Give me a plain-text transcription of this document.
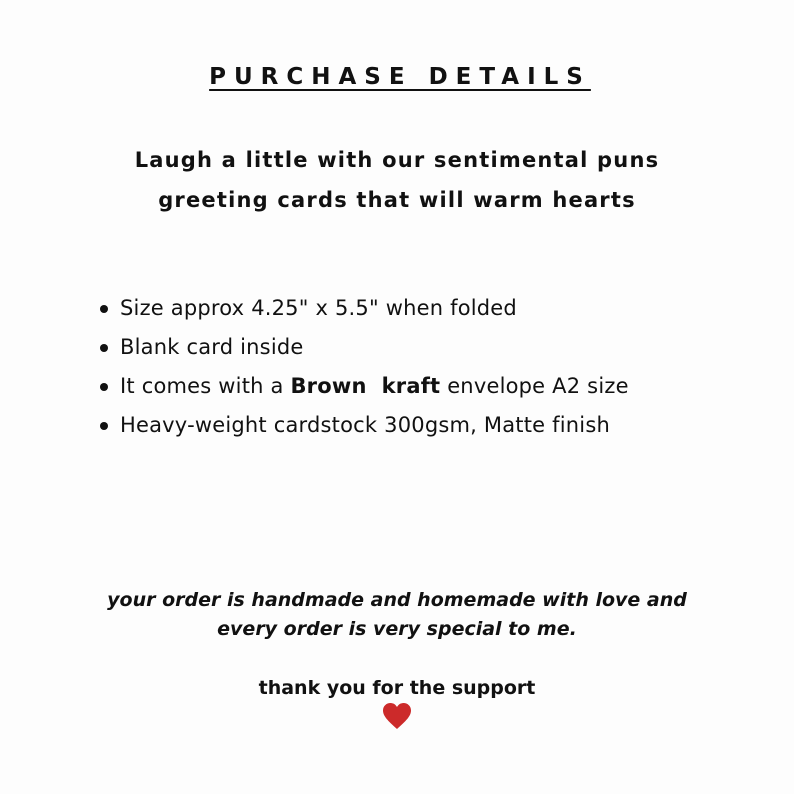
PURCHASE DETAILS
Laugh a little with our sentimental puns
greeting cards that will warm hearts
Size approx 4.25" x 5.5" when folded
Blank card inside
It comes with a Brown  kraft envelope A2 size
Heavy-weight cardstock 300gsm, Matte finish
your order is handmade and homemade with love and
every order is very special to me.
thank you for the support
